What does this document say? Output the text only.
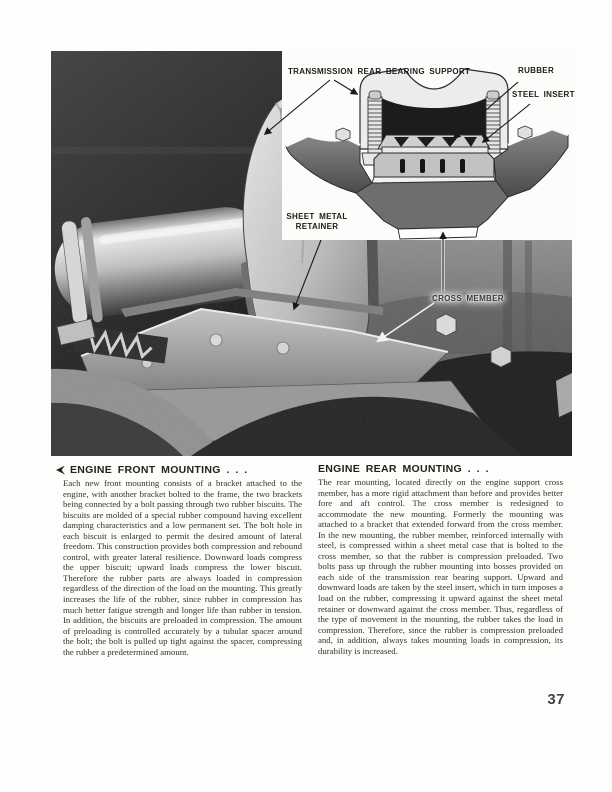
TRANSMISSION REAR BEARING SUPPORT	RUBBER
STEEL INSERT
SHEET METAL
RETAINER
CROSS MEMBER
ENGINE FRONT MOUNTING . . .
Each new front mounting consists of a bracket attached to the engine, with another bracket bolted to the frame, the two brackets being connected by a bolt passing through two rubber biscuits. The biscuits are molded of a special rubber compound having excellent damping characteristics and a low permanent set. The bolt hole in each biscuit is enlarged to permit the desired amount of lateral freedom. This construction provides both compression and rebound control, with greater lateral resilience. Downward loads compress the upper biscuit; upward loads compress the lower biscuit. Therefore the rubber parts are always loaded in compression regardless of the direction of the load on the mounting. This greatly increases the life of the rubber, since rubber in compression has much better fatigue strength and longer life than rubber in tension. In addition, the biscuits are preloaded in compression. The amount of preloading is controlled accurately by a tubular spacer around the bolt; the bolt is pulled up tight against the spacer, compressing the rubber a predetermined amount.
ENGINE REAR MOUNTING . . .
The rear mounting, located directly on the engine support cross member, has a more rigid attachment than before and provides better fore and aft control. The cross member is redesigned to accommodate the new mounting. Formerly the mounting was attached to a bracket that extended forward from the cross member. In the new mounting, the rubber member, reinforced internally with steel, is compressed within a sheet metal case that is bolted to the cross member, so that the rubber is compression preloaded. Two bolts pass up through the rubber mounting into bosses provided on each side of the transmission rear bearing support. Upward and downward loads are taken by the steel insert, which in turn imposes a load on the rubber, compressing it upward against the sheet metal retainer or downward against the cross member. Thus, regardless of the type of movement in the mounting, the rubber takes the load in compression. Therefore, since the rubber is compression preloaded and, in addition, always takes mounting loads in compression, its durability is increased.
37
